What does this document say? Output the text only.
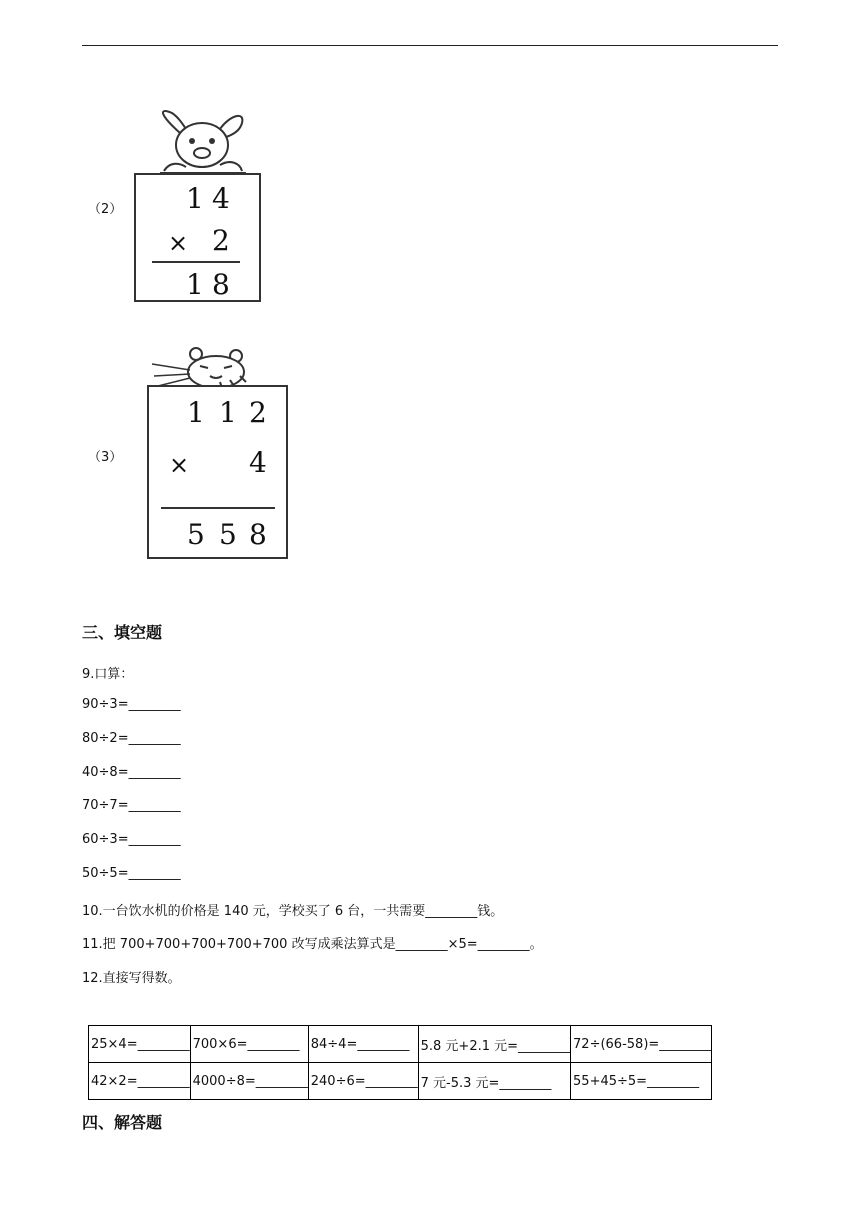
（2） 1 4
× 2
1 8
（3）
1 1 2
× 4
5 5 8
三、填空题
9.口算：
90÷3=________
80÷2=________
40÷8=________
70÷7=________
60÷3=________
50÷5=________
10.一台饮水机的价格是 140 元，学校买了 6 台，一共需要________钱。
11.把 700+700+700+700+700 改写成乘法算式是________×5=________。
12.直接写得数。
25×4=________	700×6=________	84÷4=________	5.8 元+2.1 元=________	72÷(66-58)=________
42×2=________	4000÷8=________	240÷6=________	7 元-5.3 元=________	55+45÷5=________
四、解答题
